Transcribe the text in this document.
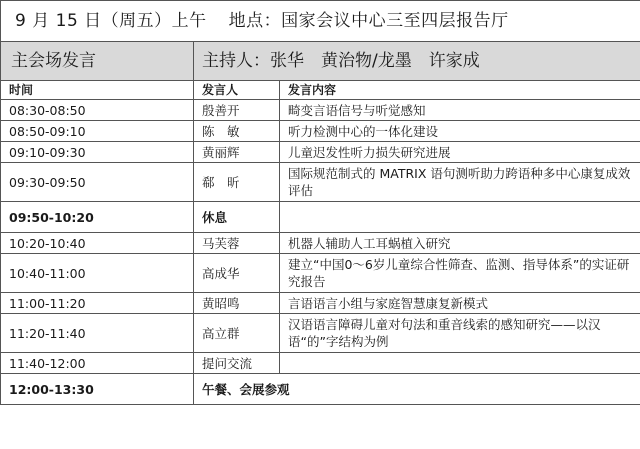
9 月 15 日（周五）上午 地点：国家会议中心三至四层报告厅		
主会场发言	主持人：张华　黄治物/龙墨　许家成	
时间	发言人	发言内容
08:30-08:50	殷善开	畸变言语信号与听觉感知
08:50-09:10	陈　敏	听力检测中心的一体化建设
09:10-09:30	黄丽辉	儿童迟发性听力损失研究进展
09:30-09:50	郗　昕	国际规范制式的 MATRIX 语句测听助力跨语种多中心康复成效评估
09:50-10:20	休息	
10:20-10:40	马芙蓉	机器人辅助人工耳蜗植入研究
10:40-11:00	高成华	建立“中国0～6岁儿童综合性筛查、监测、指导体系”的实证研究报告
11:00-11:20	黄昭鸣	言语语言小组与家庭智慧康复新模式
11:20-11:40	高立群	汉语语言障碍儿童对句法和重音线索的感知研究——以汉语“的”字结构为例
11:40-12:00	提问交流	
12:00-13:30	午餐、会展参观	
